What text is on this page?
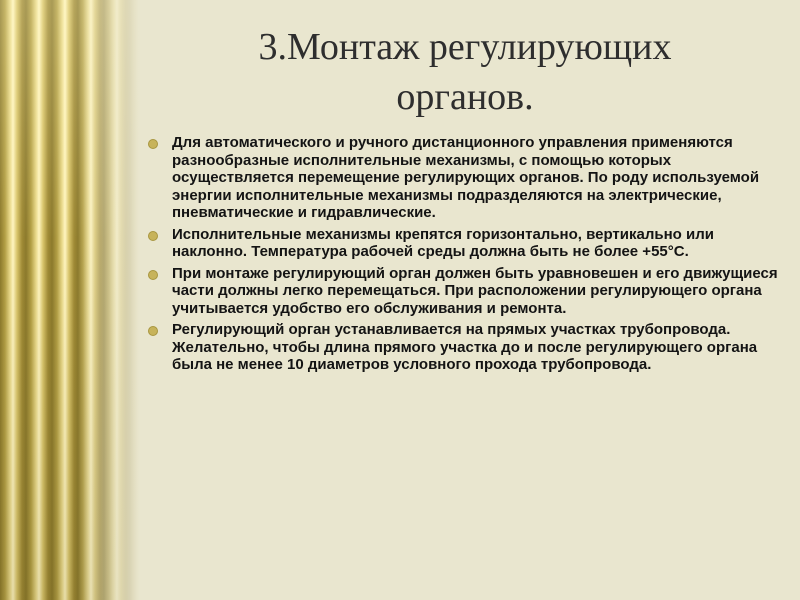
3.Монтаж регулирующих
органов.
Для автоматического и ручного дистанционного управления применяются разнообразные исполнительные механизмы, с помощью которых осуществляется перемещение регулирующих органов. По роду используемой энергии исполнительные механизмы подразделяются на электрические, пневматические и гидравлические.
Исполнительные механизмы крепятся горизонтально, вертикально или наклонно. Температура рабочей среды должна быть не более +55°С.
При монтаже регулирующий орган должен быть уравновешен и его движущиеся части должны легко перемещаться. При расположении регулирующего органа учитывается удобство его обслуживания и ремонта.
Регулирующий орган устанавливается на прямых участках трубопровода. Желательно, чтобы длина прямого участка до и после регулирующего органа была не менее 10 диаметров условного прохода трубопровода.
